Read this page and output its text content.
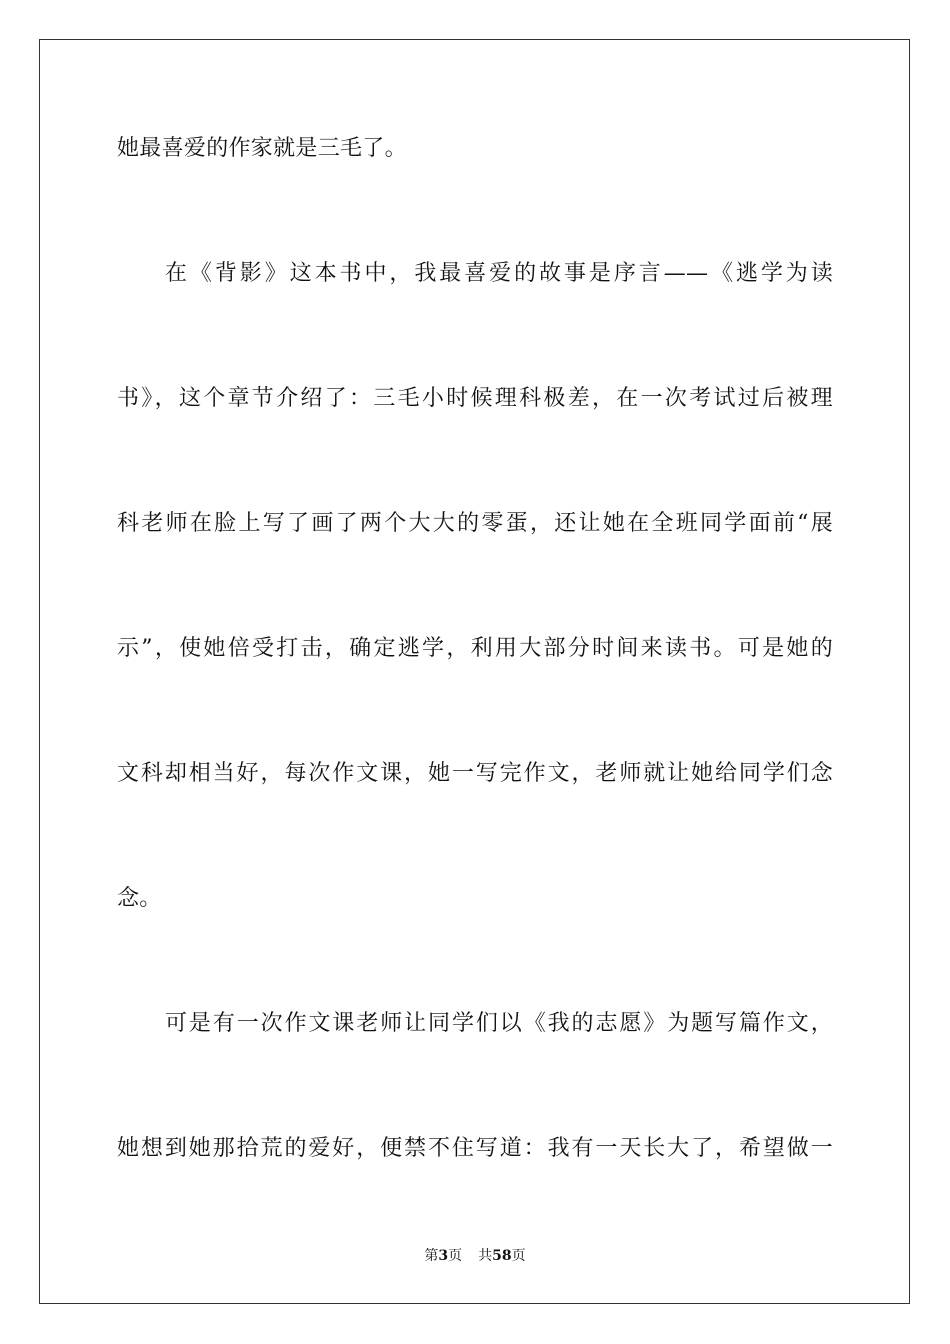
她最喜爱的作家就是三毛了。
在《背影》这本书中，我最喜爱的故事是序言——《逃学为读
书》，这个章节介绍了：三毛小时候理科极差，在一次考试过后被理
科老师在脸上写了画了两个大大的零蛋，还让她在全班同学面前“展
示”，使她倍受打击，确定逃学，利用大部分时间来读书。可是她的
文科却相当好，每次作文课，她一写完作文，老师就让她给同学们念
念。
可是有一次作文课老师让同学们以《我的志愿》为题写篇作文，
她想到她那拾荒的爱好，便禁不住写道：我有一天长大了，希望做一
第3页 共58页
